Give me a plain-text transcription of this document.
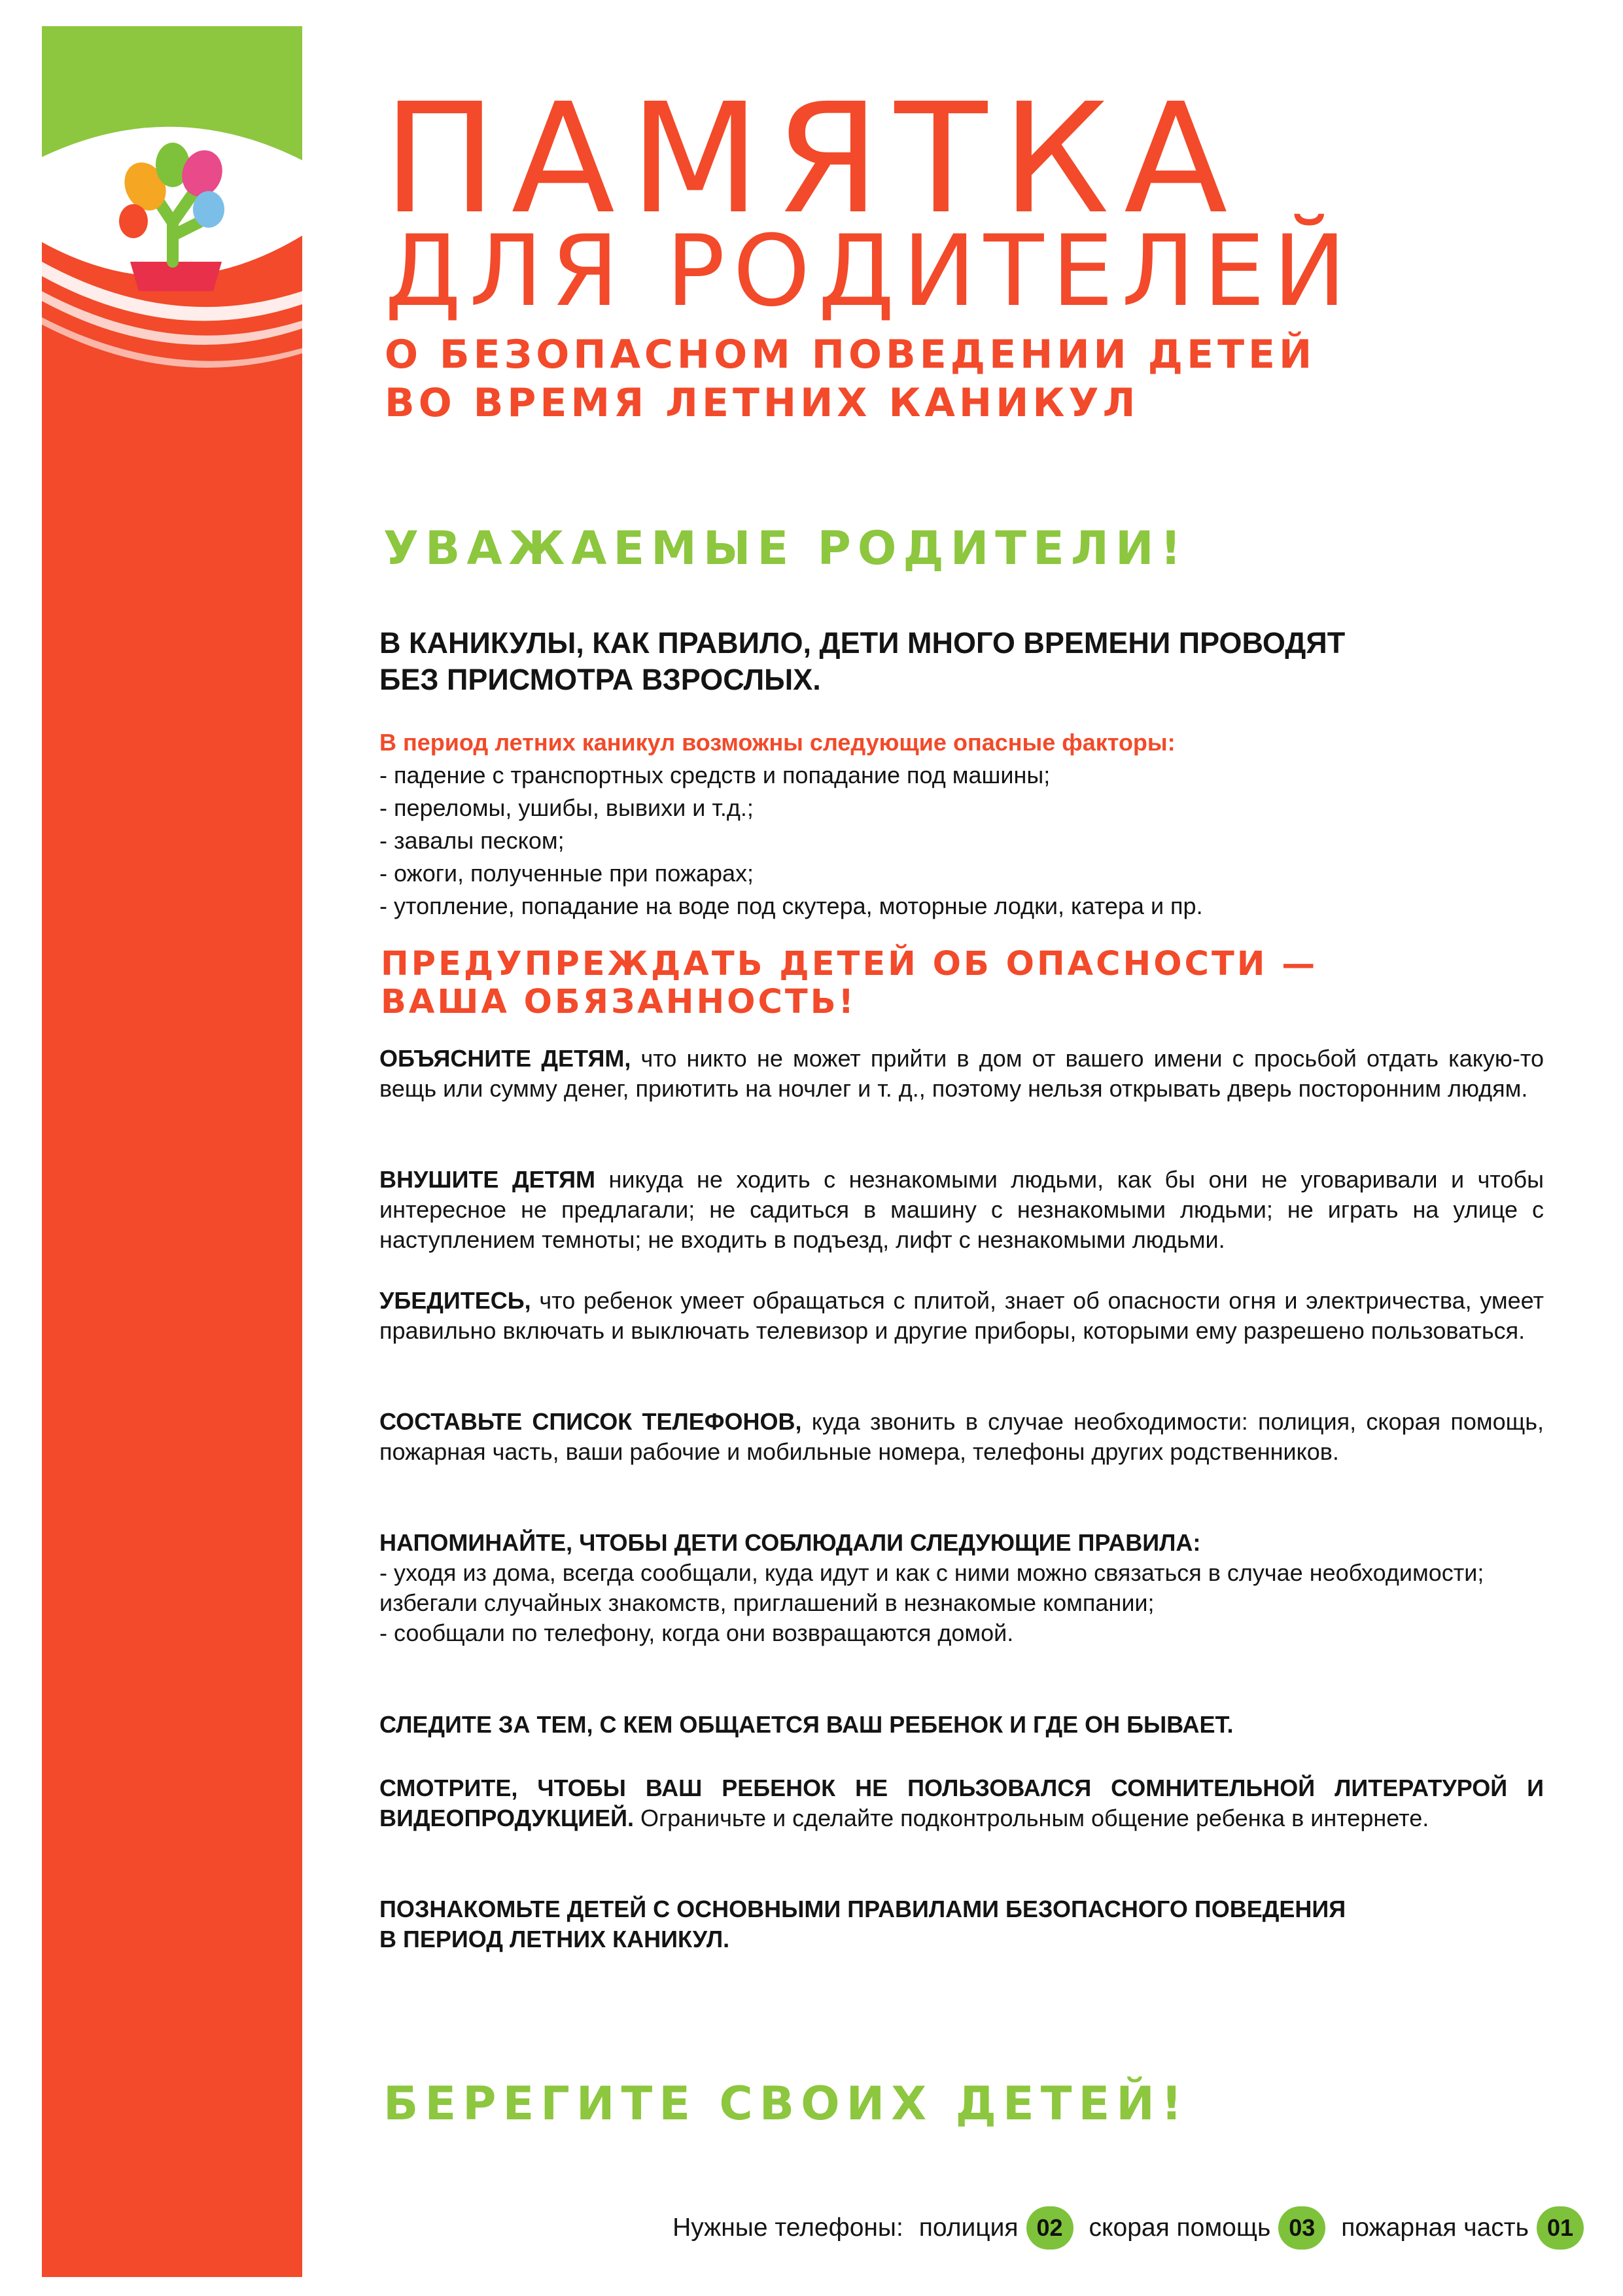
ПАМЯТКА
ДЛЯ РОДИТЕЛЕЙ
О БЕЗОПАСНОМ ПОВЕДЕНИИ ДЕТЕЙ
ВО ВРЕМЯ ЛЕТНИХ КАНИКУЛ
УВАЖАЕМЫЕ РОДИТЕЛИ!
В КАНИКУЛЫ, КАК ПРАВИЛО, ДЕТИ МНОГО ВРЕМЕНИ ПРОВОДЯТ
БЕЗ ПРИСМОТРА ВЗРОСЛЫХ.
В период летних каникул возможны следующие опасные факторы:
- падение с транспортных средств и попадание под машины;
- переломы, ушибы, вывихи и т.д.;
- завалы песком;
- ожоги, полученные при пожарах;
- утопление, попадание на воде под скутера, моторные лодки, катера и пр.
ПРЕДУПРЕЖДАТЬ ДЕТЕЙ ОБ ОПАСНОСТИ —
ВАША ОБЯЗАННОСТЬ!

ОБЪЯСНИТЕ ДЕТЯМ, что никто не может прийти в дом от вашего имени с просьбой отдать какую-то вещь или сумму денег, приютить на ночлег и т. д., поэтому нельзя открывать дверь посторонним людям.

ВНУШИТЕ ДЕТЯМ никуда не ходить с незнакомыми людьми, как бы они не уговаривали и чтобы интересное не предлагали; не садиться в машину с незнакомыми людьми; не играть на улице с наступлением темноты; не входить в подъезд, лифт с незнакомыми людьми.

УБЕДИТЕСЬ, что ребенок умеет обращаться с плитой, знает об опасности огня и электричества, умеет правильно включать и выключать телевизор и другие приборы, которыми ему разрешено пользоваться.

СОСТАВЬТЕ СПИСОК ТЕЛЕФОНОВ, куда звонить в случае необходимости: полиция, скорая помощь, пожарная часть, ваши рабочие и мобильные номера, телефоны других родственников.

НАПОМИНАЙТЕ, ЧТОБЫ ДЕТИ СОБЛЮДАЛИ СЛЕДУЮЩИЕ ПРАВИЛА:
- уходя из дома, всегда сообщали, куда идут и как с ними можно связаться в случае необходимости;
избегали случайных знакомств, приглашений в незнакомые компании;
- сообщали по телефону, когда они возвращаются домой.

СЛЕДИТЕ ЗА ТЕМ, С КЕМ ОБЩАЕТСЯ ВАШ РЕБЕНОК И ГДЕ ОН БЫВАЕТ.

СМОТРИТЕ, ЧТОБЫ ВАШ РЕБЕНОК НЕ ПОЛЬЗОВАЛСЯ СОМНИТЕЛЬНОЙ ЛИТЕРАТУРОЙ И ВИДЕОПРОДУКЦИЕЙ. Ограничьте и сделайте подконтрольным общение ребенка в интернете.

ПОЗНАКОМЬТЕ ДЕТЕЙ С ОСНОВНЫМИ ПРАВИЛАМИ БЕЗОПАСНОГО ПОВЕДЕНИЯ
В ПЕРИОД ЛЕТНИХ КАНИКУЛ.

БЕРЕГИТЕ СВОИХ ДЕТЕЙ!
Нужные телефоны: полиция 02	скорая помощь 03	пожарная часть 01
